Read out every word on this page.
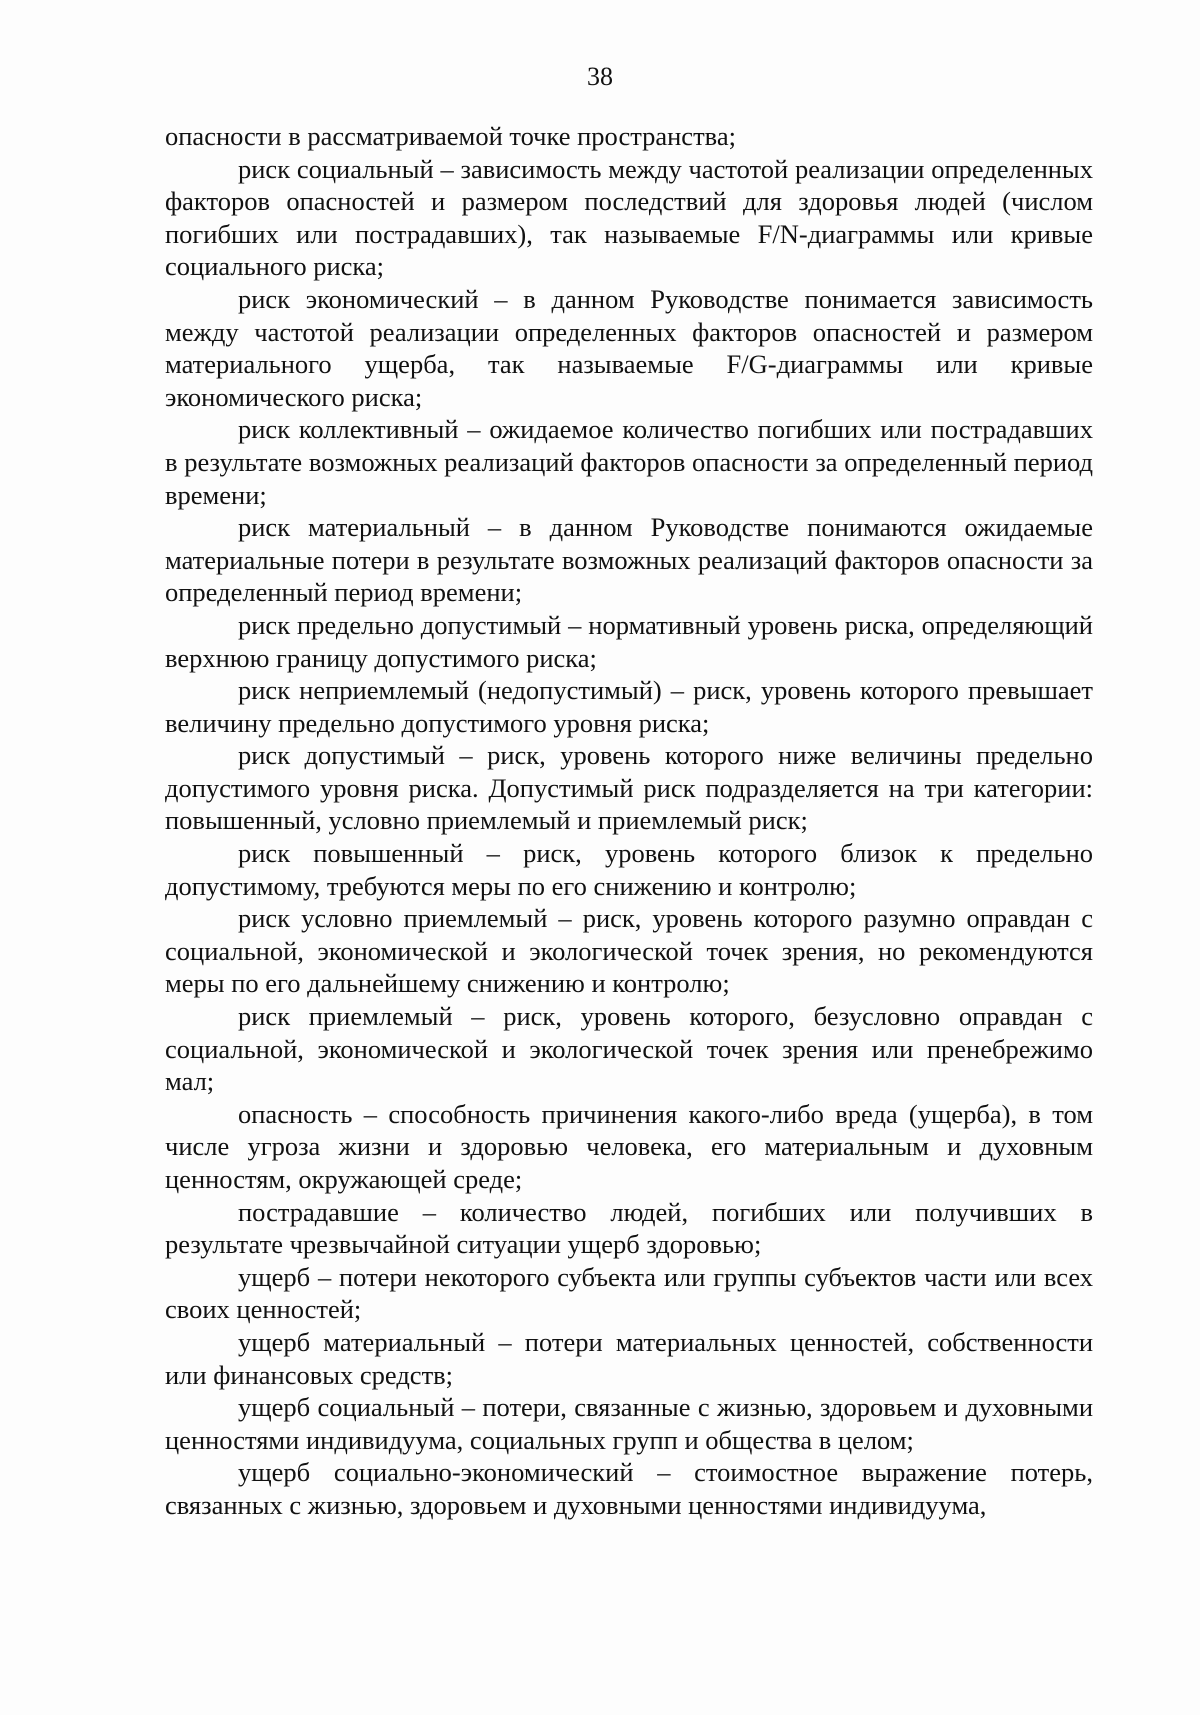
38

опасности в рассматриваемой точке пространства;

риск социальный – зависимость между частотой реализации определенных факторов опасностей и размером последствий для здоровья людей (числом погибших или пострадавших), так называемые F/N-диаграммы или кривые социального риска;

риск экономический – в данном Руководстве понимается зависимость между частотой реализации определенных факторов опасностей и размером материального ущерба, так называемые F/G-диаграммы или кривые экономического риска;

риск коллективный – ожидаемое количество погибших или пострадавших в результате возможных реализаций факторов опасности за определенный период времени;

риск материальный – в данном Руководстве понимаются ожидаемые материальные потери в результате возможных реализаций факторов опасности за определенный период времени;

риск предельно допустимый – нормативный уровень риска, определяющий верхнюю границу допустимого риска;

риск неприемлемый (недопустимый) – риск, уровень которого превышает величину предельно допустимого уровня риска;

риск допустимый – риск, уровень которого ниже величины предельно допустимого уровня риска. Допустимый риск подразделяется на три категории: повышенный, условно приемлемый и приемлемый риск;

риск повышенный – риск, уровень которого близок к предельно допустимому, требуются меры по его снижению и контролю;

риск условно приемлемый – риск, уровень которого разумно оправдан с социальной, экономической и экологической точек зрения, но рекомендуются меры по его дальнейшему снижению и контролю;

риск приемлемый – риск, уровень которого, безусловно оправдан с социальной, экономической и экологической точек зрения или пренебрежимо мал;

опасность – способность причинения какого-либо вреда (ущерба), в том числе угроза жизни и здоровью человека, его материальным и духовным ценностям, окружающей среде;

пострадавшие – количество людей, погибших или получивших в результате чрезвычайной ситуации ущерб здоровью;

ущерб – потери некоторого субъекта или группы субъектов части или всех своих ценностей;

ущерб материальный – потери материальных ценностей, собственности или финансовых средств;

ущерб социальный – потери, связанные с жизнью, здоровьем и духовными ценностями индивидуума, социальных групп и общества в целом;

ущерб социально-экономический – стоимостное выражение потерь, связанных с жизнью, здоровьем и духовными ценностями индивидуума,
